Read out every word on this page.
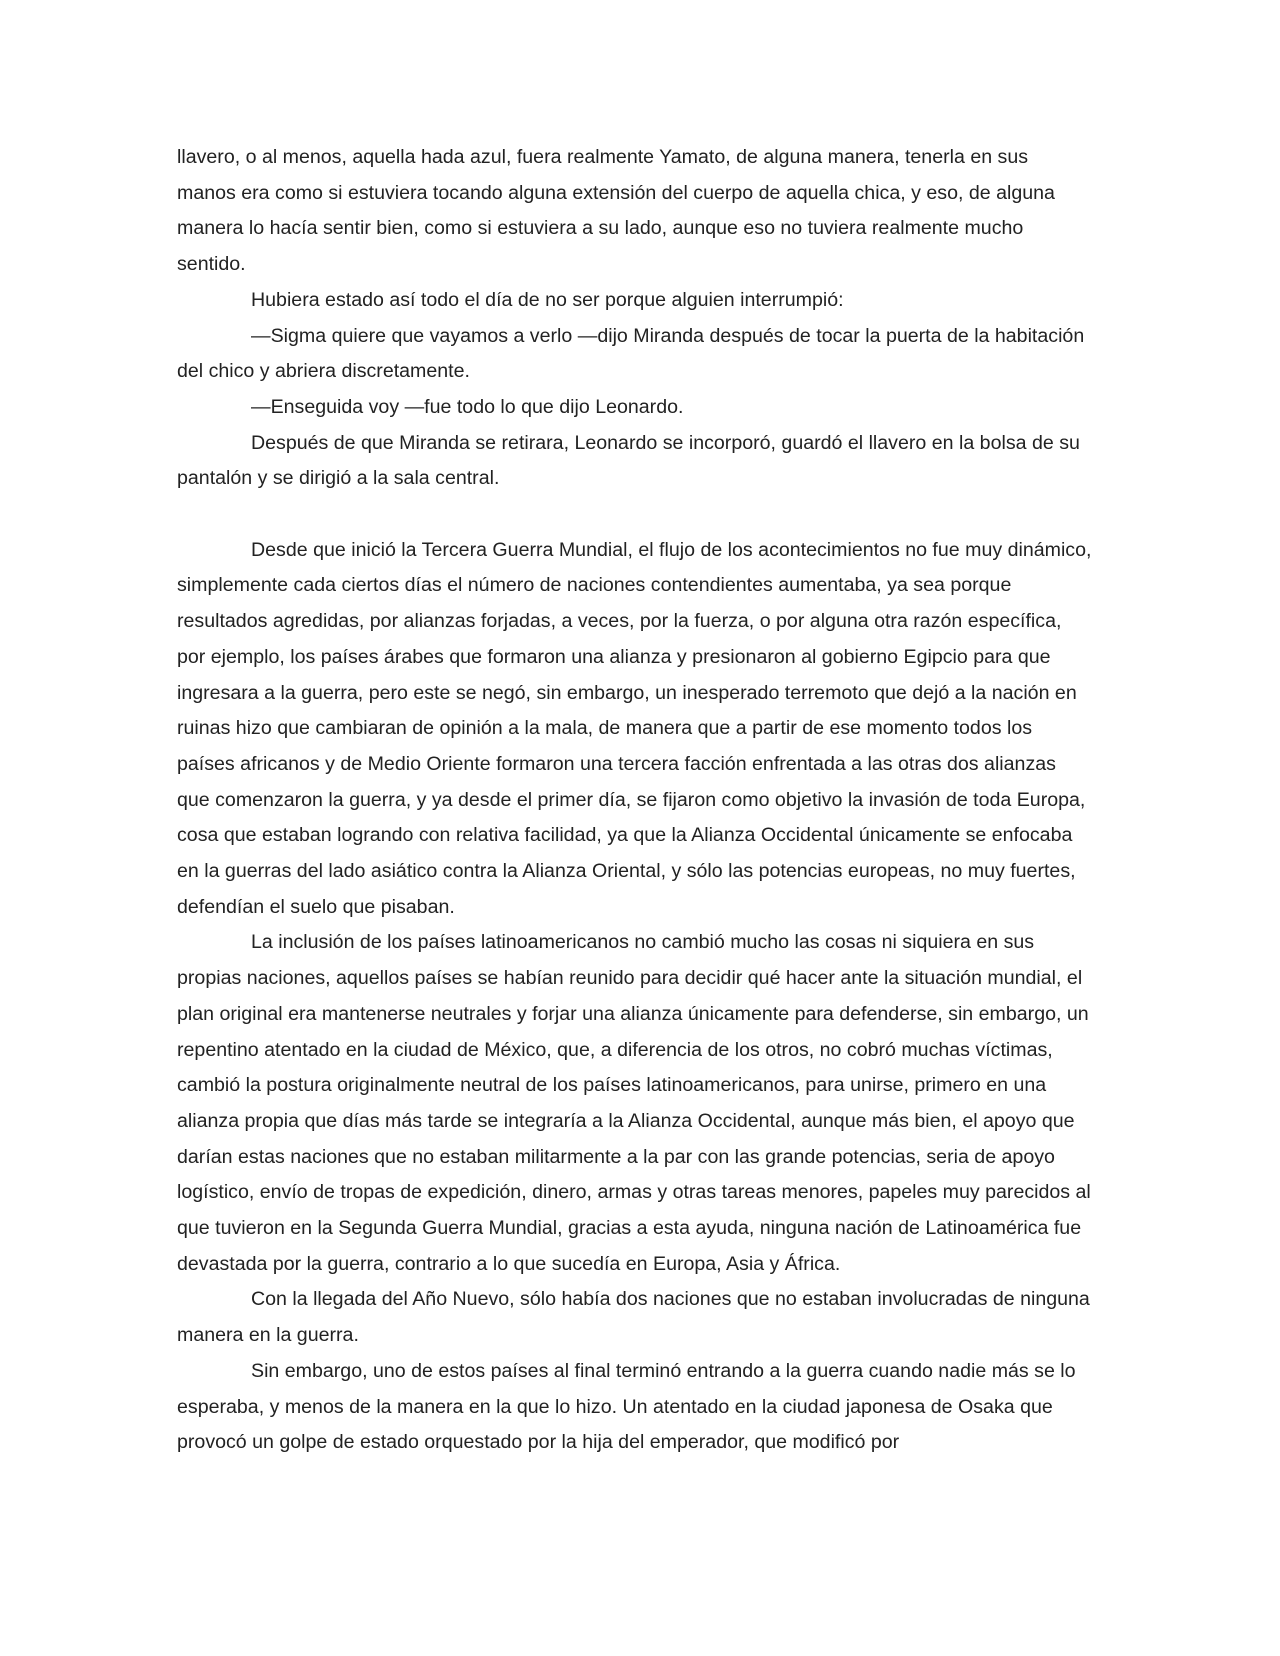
llavero, o al menos, aquella hada azul, fuera realmente Yamato, de alguna manera, tenerla en sus manos era como si estuviera tocando alguna extensión del cuerpo de aquella chica, y eso, de alguna manera lo hacía sentir bien, como si estuviera a su lado, aunque eso no tuviera realmente mucho sentido.

Hubiera estado así todo el día de no ser porque alguien interrumpió:

—Sigma quiere que vayamos a verlo —dijo Miranda después de tocar la puerta de la habitación del chico y abriera discretamente.

—Enseguida voy —fue todo lo que dijo Leonardo.

Después de que Miranda se retirara, Leonardo se incorporó, guardó el llavero en la bolsa de su pantalón y se dirigió a la sala central.

Desde que inició la Tercera Guerra Mundial, el flujo de los acontecimientos no fue muy dinámico, simplemente cada ciertos días el número de naciones contendientes aumentaba, ya sea porque resultados agredidas, por alianzas forjadas, a veces, por la fuerza, o por alguna otra razón específica, por ejemplo, los países árabes que formaron una alianza y presionaron al gobierno Egipcio para que ingresara a la guerra, pero este se negó, sin embargo, un inesperado terremoto que dejó a la nación en ruinas hizo que cambiaran de opinión a la mala, de manera que a partir de ese momento todos los países africanos y de Medio Oriente formaron una tercera facción enfrentada a las otras dos alianzas que comenzaron la guerra, y ya desde el primer día, se fijaron como objetivo la invasión de toda Europa, cosa que estaban logrando con relativa facilidad, ya que la Alianza Occidental únicamente se enfocaba en la guerras del lado asiático contra la Alianza Oriental, y sólo las potencias europeas, no muy fuertes, defendían el suelo que pisaban.

La inclusión de los países latinoamericanos no cambió mucho las cosas ni siquiera en sus propias naciones, aquellos países se habían reunido para decidir qué hacer ante la situación mundial, el plan original era mantenerse neutrales y forjar una alianza únicamente para defenderse, sin embargo, un repentino atentado en la ciudad de México, que, a diferencia de los otros, no cobró muchas víctimas, cambió la postura originalmente neutral de los países latinoamericanos, para unirse, primero en una alianza propia que días más tarde se integraría a la Alianza Occidental, aunque más bien, el apoyo que darían estas naciones que no estaban militarmente a la par con las grande potencias, seria de apoyo logístico, envío de tropas de expedición, dinero, armas y otras tareas menores, papeles muy parecidos al que tuvieron en la Segunda Guerra Mundial, gracias a esta ayuda, ninguna nación de Latinoamérica fue devastada por la guerra, contrario a lo que sucedía en Europa, Asia y África.

Con la llegada del Año Nuevo, sólo había dos naciones que no estaban involucradas de ninguna manera en la guerra.

Sin embargo, uno de estos países al final terminó entrando a la guerra cuando nadie más se lo esperaba, y menos de la manera en la que lo hizo. Un atentado en la ciudad japonesa de Osaka que provocó un golpe de estado orquestado por la hija del emperador, que modificó por
